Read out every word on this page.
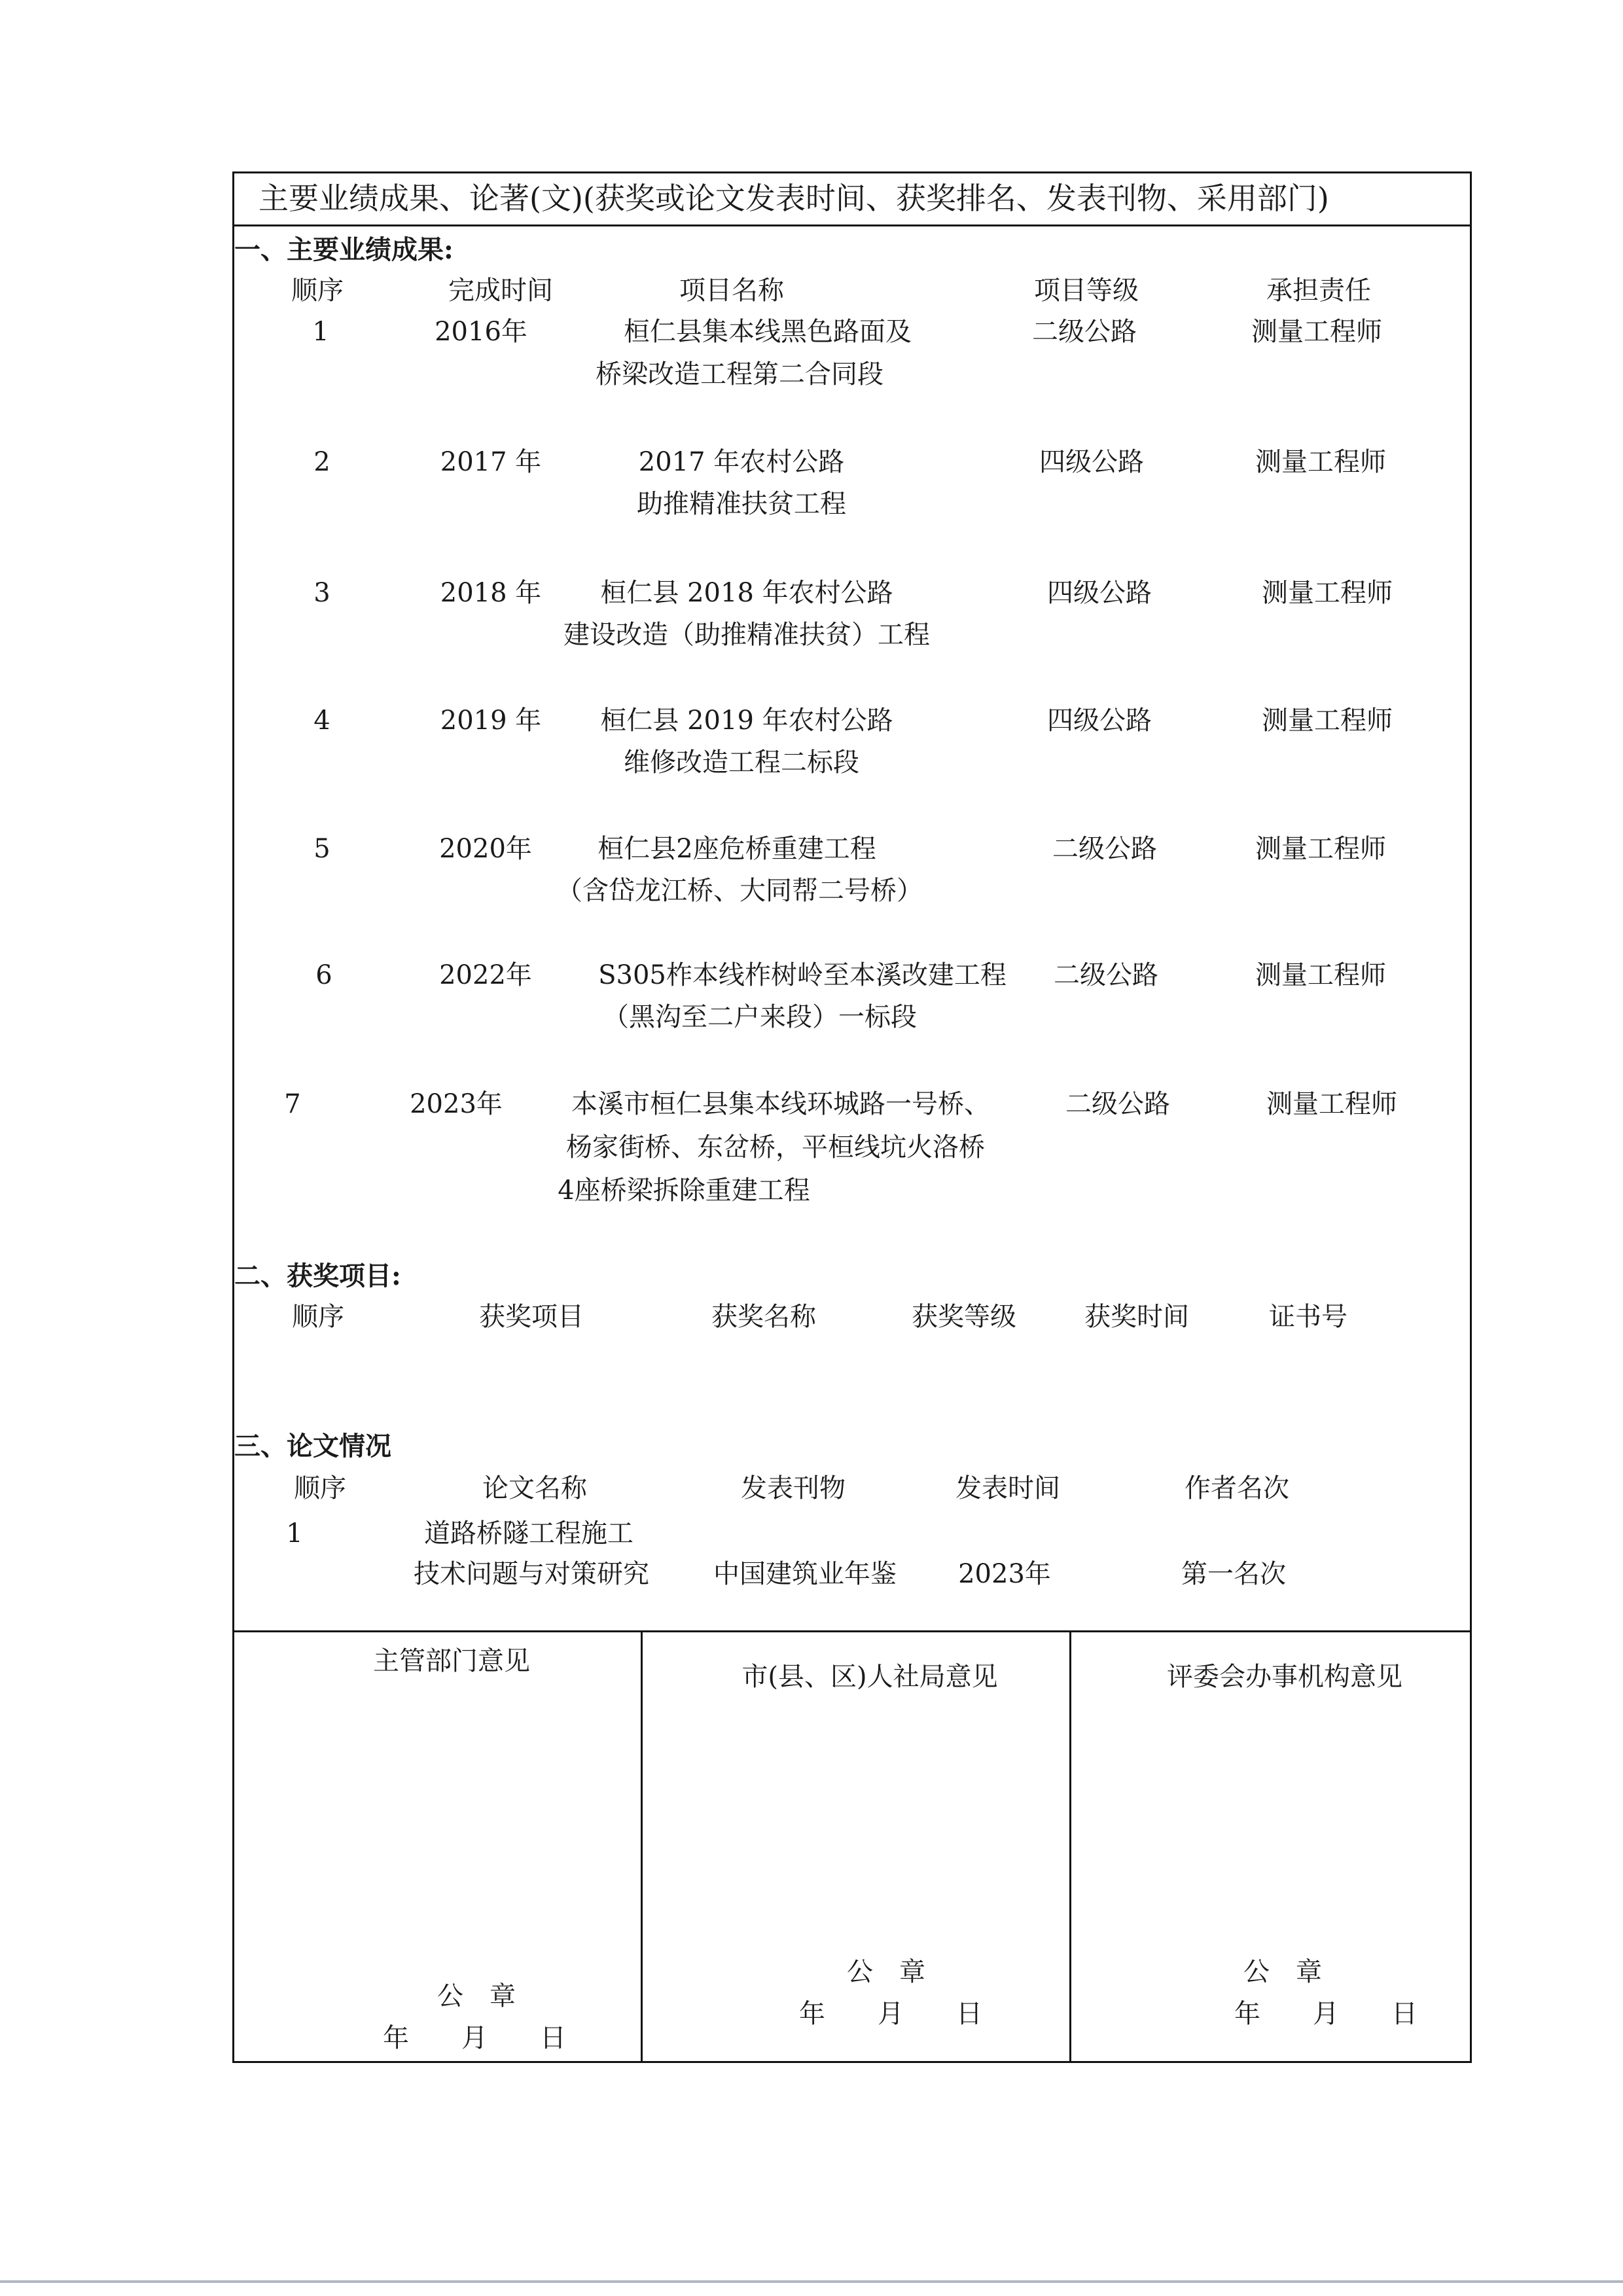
主要业绩成果、论著(文)(获奖或论文发表时间、获奖排名、发表刊物、采用部门)
一、主要业绩成果:
顺序	完成时间	项目名称	项目等级	承担责任
1	2016年	桓仁县集本线黑色路面及
桥梁改造工程第二合同段
二级公路	测量工程师
2	2017 年	2017 年农村公路
助推精准扶贫工程
四级公路	测量工程师
3	2018 年 桓仁县 2018 年农村公路
建设改造（助推精准扶贫）工程
四级公路	测量工程师
4	2019 年 桓仁县 2019 年农村公路
维修改造工程二标段
四级公路	测量工程师
5	2020年	桓仁县2座危桥重建工程
（含岱龙江桥、大同帮二号桥）
二级公路	测量工程师
6	2022年	S305柞本线柞树岭至本溪改建工程
（黑沟至二户来段）一标段
二级公路	测量工程师
7	2023年	本溪市桓仁县集本线环城路一号桥、
杨家街桥、东岔桥，平桓线坑火洛桥
4座桥梁拆除重建工程
二级公路	测量工程师
二、获奖项目:
顺序	获奖项目	获奖名称	获奖等级	获奖时间	证书号
三、论文情况
顺序	论文名称	发表刊物	发表时间	作者名次
1	道路桥隧工程施工
技术问题与对策研究 中国建筑业年鉴 2023年	第一名次
主管部门意见
市(县、区)人社局意见	评委会办事机构意见
公　章
年　　月　　日
公　章
年　　月　　日
公　章
年　　月　　日
